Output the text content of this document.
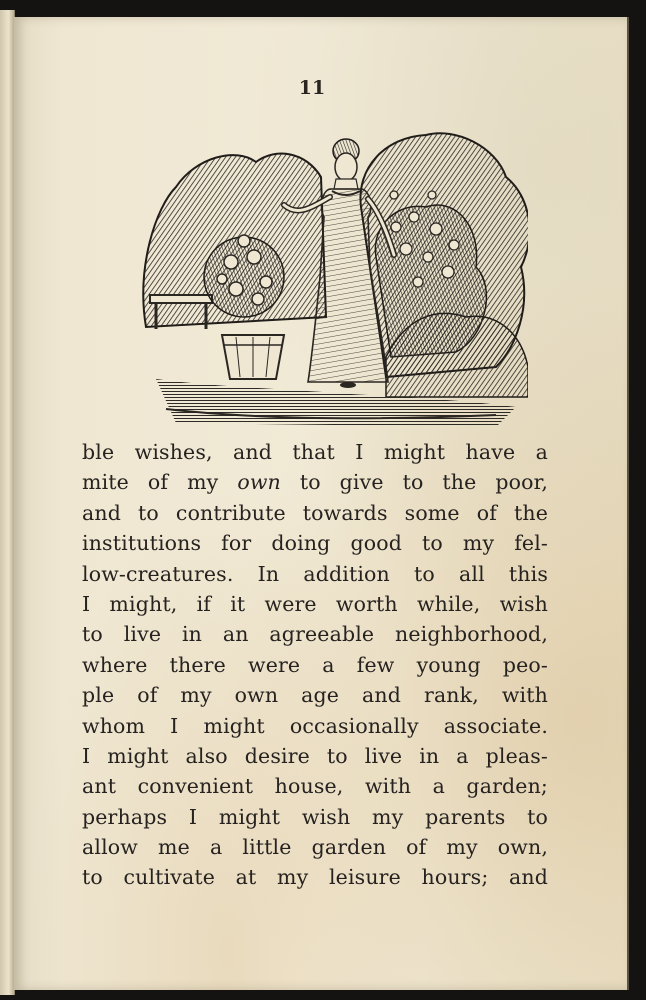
11
ble wishes, and that I might have a
mite of my own to give to the poor,
and to contribute towards some of the
institutions for doing good to my fel-
low-creatures. In addition to all this
I might, if it were worth while, wish
to live in an agreeable neighborhood,
where there were a few young peo-
ple of my own age and rank, with
whom I might occasionally associate.
I might also desire to live in a pleas-
ant convenient house, with a garden;
perhaps I might wish my parents to
allow me a little garden of my own,
to cultivate at my leisure hours; and
